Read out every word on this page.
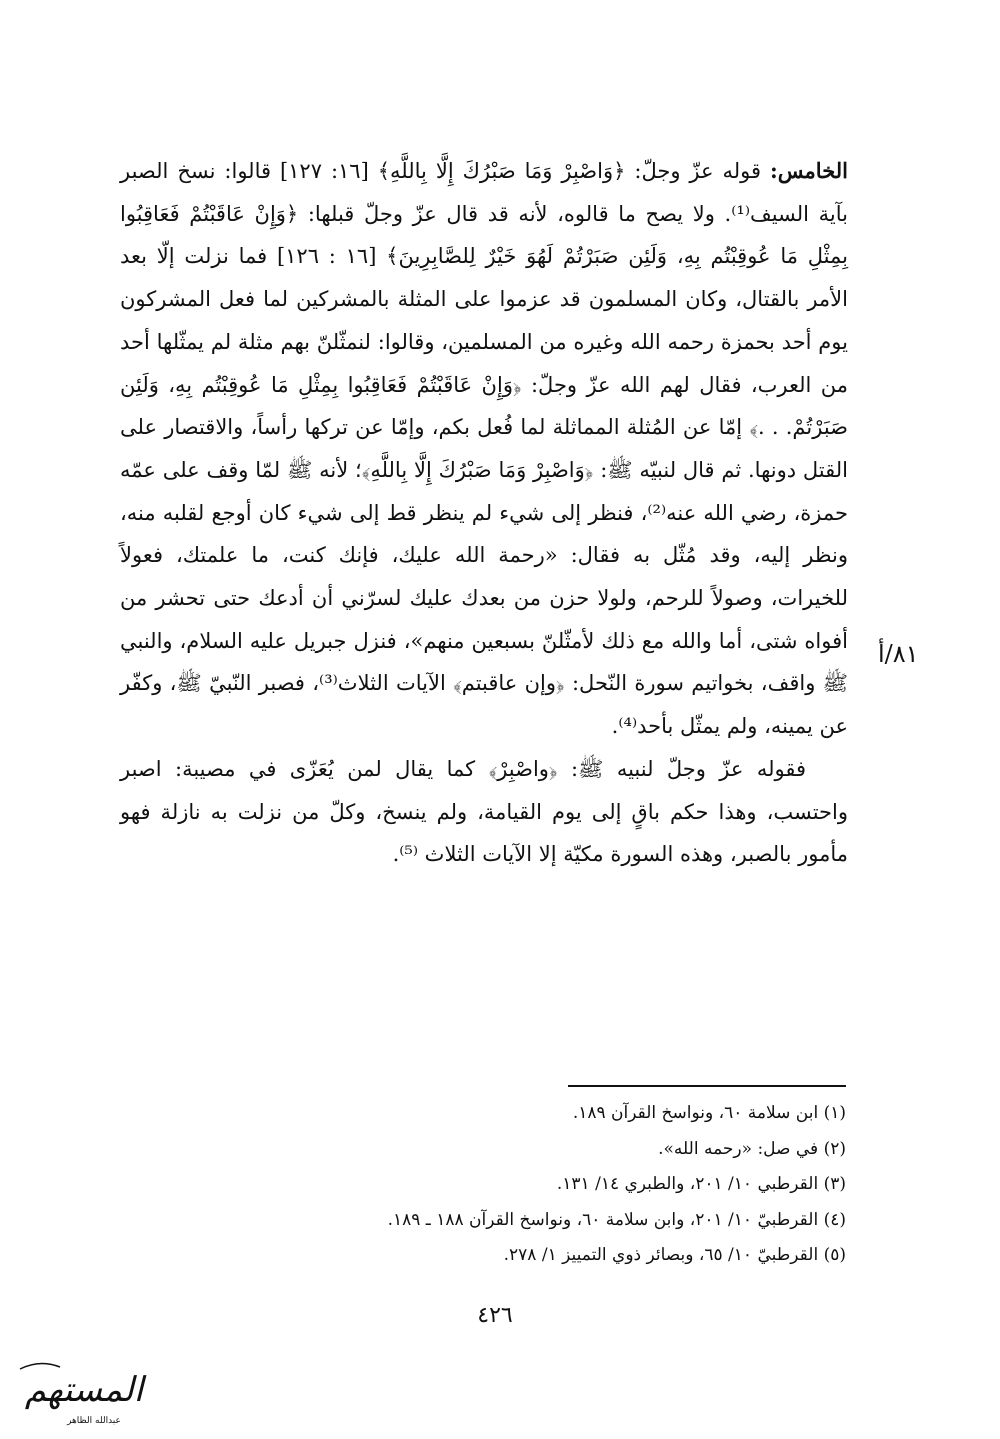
الخامس: قوله عزّ وجلّ: ﴿وَاصْبِرْ وَمَا صَبْرُكَ إِلَّا بِاللَّهِ﴾ [١٦: ١٢٧] قالوا: نسخ الصبر بآية السيف⁽¹⁾. ولا يصح ما قالوه، لأنه قد قال عزّ وجلّ قبلها: ﴿وَإِنْ عَاقَبْتُمْ فَعَاقِبُوا بِمِثْلِ مَا عُوقِبْتُم بِهِ، وَلَئِن صَبَرْتُمْ لَهُوَ خَيْرٌ لِلصَّابِرِينَ﴾ [١٦ : ١٢٦] فما نزلت إلّا بعد الأمر بالقتال، وكان المسلمون قد عزموا على المثلة بالمشركين لما فعل المشركون يوم أحد بحمزة رحمه الله وغيره من المسلمين، وقالوا: لنمثّلنّ بهم مثلة لم يمثّلها أحد من العرب، فقال لهم الله عزّ وجلّ: ﴿وَإِنْ عَاقَبْتُمْ فَعَاقِبُوا بِمِثْلِ مَا عُوقِبْتُم بِهِ، وَلَئِن صَبَرْتُمْ. . .﴾ إمّا عن المُثلة المماثلة لما فُعل بكم، وإمّا عن تركها رأساً، والاقتصار على القتل دونها. ثم قال لنبيّه ﷺ: ﴿وَاصْبِرْ وَمَا صَبْرُكَ إِلَّا بِاللَّهِ﴾؛ لأنه ﷺ لمّا وقف على عمّه حمزة، رضي الله عنه⁽²⁾، فنظر إلى شيء لم ينظر قط إلى شيء كان أوجع لقلبه منه، ونظر إليه، وقد مُثّل به فقال: «رحمة الله عليك، فإنك كنت، ما علمتك، فعولاً للخيرات، وصولاً للرحم، ولولا حزن من بعدك عليك لسرّني أن أدعك حتى تحشر من أفواه شتى، أما والله مع ذلك لأمثّلنّ بسبعين منهم»، فنزل جبريل عليه السلام، والنبي ﷺ واقف، بخواتيم سورة النّحل: ﴿وإن عاقبتم﴾ الآيات الثلاث⁽³⁾، فصبر النّبيّ ﷺ، وكفّر عن يمينه، ولم يمثّل بأحد⁽⁴⁾.

فقوله عزّ وجلّ لنبيه ﷺ: ﴿واصْبِرْ﴾ كما يقال لمن يُعَزّى في مصيبة: اصبر واحتسب، وهذا حكم باقٍ إلى يوم القيامة، ولم ينسخ، وكلّ من نزلت به نازلة فهو مأمور بالصبر، وهذه السورة مكيّة إلا الآيات الثلاث ⁽⁵⁾.

٨١/أ
(١) ابن سلامة ٦٠، ونواسخ القرآن ١٨٩.
(٢) في صل: «رحمه الله».
(٣) القرطبي ١٠/ ٢٠١، والطبري ١٤/ ١٣١.
(٤) القرطبيّ ١٠/ ٢٠١، وابن سلامة ٦٠، ونواسخ القرآن ١٨٨ ـ ١٨٩.
(٥) القرطبيّ ١٠/ ٦٥، وبصائر ذوي التمييز ١/ ٢٧٨.
٤٢٦
المستهم
عبدالله الظاهر
